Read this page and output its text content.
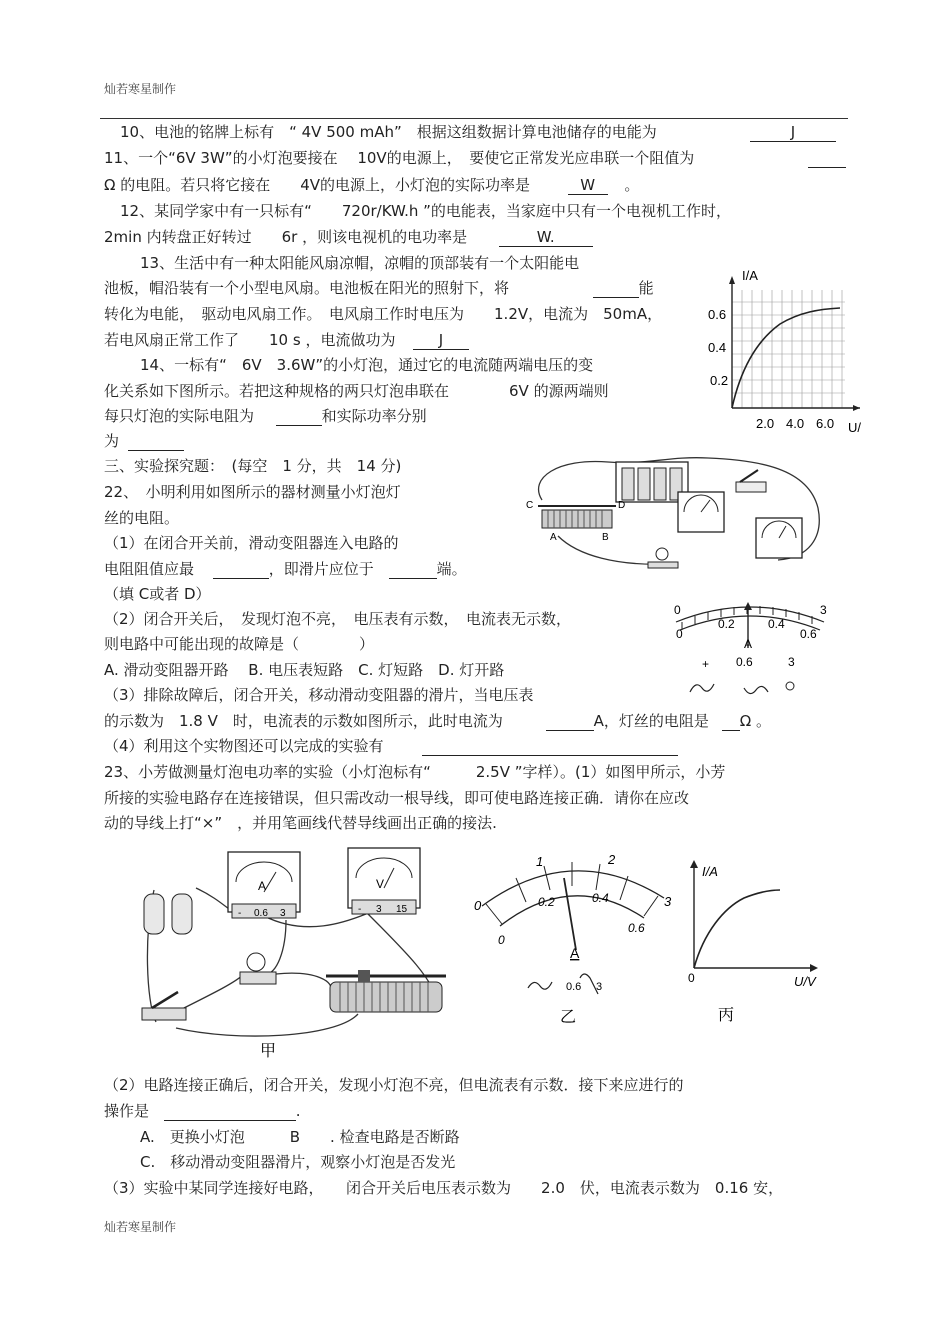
灿若寒星制作
10、电池的铭牌上标有　“ 4V 500 mAh”　根据这组数据计算电池储存的电能为	J
11、一个“6V 3W”的小灯泡要接在　 10V的电源上，　要使它正常发光应串联一个阻值为

Ω 的电阻。若只将它接在　　4V的电源上，小灯泡的实际功率是	W 。
12、某同学家中有一只标有“　　720r/KW.h ”的电能表，当家庭中只有一个电视机工作时，
2min 内转盘正好转过　　6r ，则该电视机的电功率是	W.
13、生活中有一种太阳能风扇凉帽，凉帽的顶部装有一个太阳能电
池板，帽沿装有一个小型电风扇。电池板在阳光的照射下，将	能
转化为电能，　驱动电风扇工作。　电风扇工作时电压为　　1.2V，电流为　50mA，
若电风扇正常工作了　　10 s ，电流做功为	J
14、一标有“　6V　3.6W”的小灯泡，通过它的电流随两端电压的变
化关系如下图所示。若把这种规格的两只灯泡串联在　　　　6V 的源两端则
每只灯泡的实际电阻为	和实际功率分别
为
I/A
U/
0.6
0.4
0.2
2.0 4.0 6.0
三、实验探究题：　(每空　1 分，共　14 分)
22、　小明利用如图所示的器材测量小灯泡灯
丝的电阻。
（1）在闭合开关前，滑动变阻器连入电路的
电阻阻值应最	，即滑片应位于	端。
（填 C或者 D）
（2）闭合开关后，　发现灯泡不亮，　电压表有示数，　电流表无示数，
则电路中可能出现的故障是（　　　　）
A. 滑动变阻器开路　 B. 电压表短路　C. 灯短路　D. 灯开路
（3）排除故障后，闭合开关，移动滑动变阻器的滑片，当电压表
的示数为　1.8 V　时，电流表的示数如图所示，此时电流为	A，灯丝的电阻是 Ω 。
（4）利用这个实物图还可以完成的实验有
C	D
A	B
0	3
0
0.2	0.4
0.6
A
+ 0.6	3
23、小芳做测量灯泡电功率的实验（小灯泡标有“　　　2.5V ”字样）。(1）如图甲所示，小芳
所接的实验电路存在连接错误，但只需改动一根导线，即可使电路连接正确．请你在应改
动的导线上打“×”　，并用笔画线代替导线画出正确的接法.
A
- 0.6 3
V
- 3 15
甲
0
1	2
3
0
0.2	0.4
0.6
A
0.6 3
乙
I/A
U/V
0
丙
（2）电路连接正确后，闭合开关，发现小灯泡不亮，但电流表有示数．接下来应进行的
操作是	.
A.　更换小灯泡　　　B　　. 检查电路是否断路
C.　移动滑动变阻器滑片，观察小灯泡是否发光
（3）实验中某同学连接好电路，　　闭合开关后电压表示数为　　2.0　伏，电流表示数为　0.16 安，
灿若寒星制作
